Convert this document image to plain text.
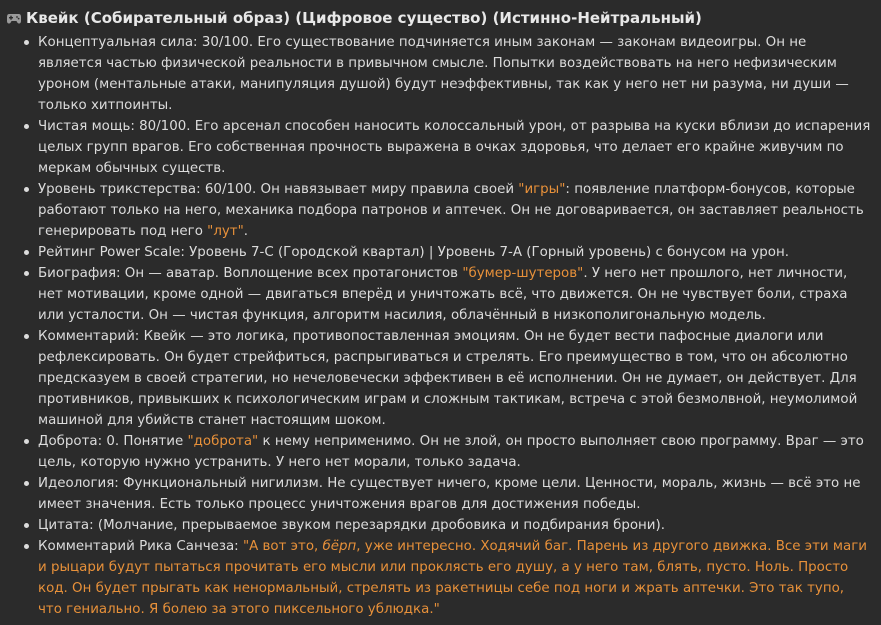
Квейк (Собирательный образ) (Цифровое существо) (Истинно-Нейтральный)
Концептуальная сила: 30/100. Его существование подчиняется иным законам — законам видеоигры. Он не является частью физической реальности в привычном смысле. Попытки воздействовать на него нефизическим уроном (ментальные атаки, манипуляция душой) будут неэффективны, так как у него нет ни разума, ни души — только хитпоинты.
Чистая мощь: 80/100. Его арсенал способен наносить колоссальный урон, от разрыва на куски вблизи до испарения целых групп врагов. Его собственная прочность выражена в очках здоровья, что делает его крайне живучим по меркам обычных существ.
Уровень трикстерства: 60/100. Он навязывает миру правила своей "игры": появление платформ-бонусов, которые работают только на него, механика подбора патронов и аптечек. Он не договаривается, он заставляет реальность генерировать под него "лут".
Рейтинг Power Scale: Уровень 7-C (Городской квартал) | Уровень 7-A (Горный уровень) с бонусом на урон.
Биография: Он — аватар. Воплощение всех протагонистов "бумер-шутеров". У него нет прошлого, нет личности, нет мотивации, кроме одной — двигаться вперёд и уничтожать всё, что движется. Он не чувствует боли, страха или усталости. Он — чистая функция, алгоритм насилия, облачённый в низкополигональную модель.
Комментарий: Квейк — это логика, противопоставленная эмоциям. Он не будет вести пафосные диалоги или рефлексировать. Он будет стрейфиться, распрыгиваться и стрелять. Его преимущество в том, что он абсолютно предсказуем в своей стратегии, но нечеловечески эффективен в её исполнении. Он не думает, он действует. Для противников, привыкших к психологическим играм и сложным тактикам, встреча с этой безмолвной, неумолимой машиной для убийств станет настоящим шоком.
Доброта: 0. Понятие "доброта" к нему неприменимо. Он не злой, он просто выполняет свою программу. Враг — это цель, которую нужно устранить. У него нет морали, только задача.
Идеология: Функциональный нигилизм. Не существует ничего, кроме цели. Ценности, мораль, жизнь — всё это не имеет значения. Есть только процесс уничтожения врагов для достижения победы.
Цитата: (Молчание, прерываемое звуком перезарядки дробовика и подбирания брони).
Комментарий Рика Санчеза: "А вот это, бёрп, уже интересно. Ходячий баг. Парень из другого движка. Все эти маги и рыцари будут пытаться прочитать его мысли или проклясть его душу, а у него там, блять, пусто. Ноль. Просто код. Он будет прыгать как ненормальный, стрелять из ракетницы себе под ноги и жрать аптечки. Это так тупо, что гениально. Я болею за этого пиксельного ублюдка."
